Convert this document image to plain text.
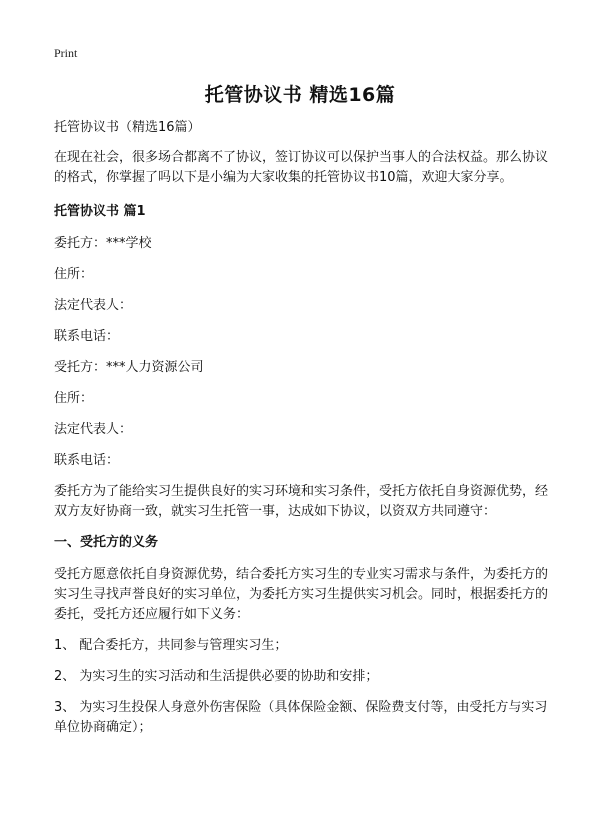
Print
托管协议书 精选16篇

托管协议书（精选16篇）

在现在社会，很多场合都离不了协议，签订协议可以保护当事人的合法权益。那么协议的格式，你掌握了吗以下是小编为大家收集的托管协议书10篇，欢迎大家分享。

托管协议书 篇1

委托方：***学校

住所：

法定代表人：

联系电话：

受托方：***人力资源公司

住所：

法定代表人：

联系电话：

委托方为了能给实习生提供良好的实习环境和实习条件，受托方依托自身资源优势，经双方友好协商一致，就实习生托管一事，达成如下协议，以资双方共同遵守：

一、受托方的义务

受托方愿意依托自身资源优势，结合委托方实习生的专业实习需求与条件，为委托方的实习生寻找声誉良好的实习单位，为委托方实习生提供实习机会。同时，根据委托方的委托，受托方还应履行如下义务：

1、 配合委托方，共同参与管理实习生；

2、 为实习生的实习活动和生活提供必要的协助和安排；

3、 为实习生投保人身意外伤害保险（具体保险金额、保险费支付等，由受托方与实习单位协商确定）；
